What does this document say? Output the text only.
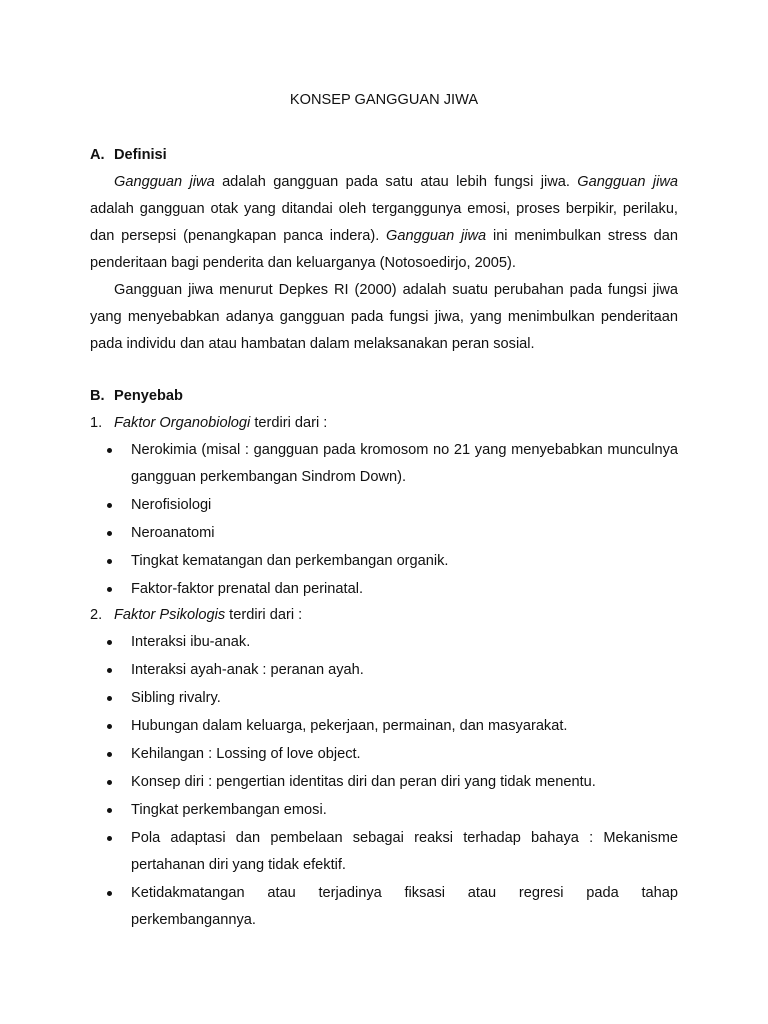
KONSEP GANGGUAN JIWA
A. Definisi

Gangguan jiwa adalah gangguan pada satu atau lebih fungsi jiwa. Gangguan jiwa adalah gangguan otak yang ditandai oleh terganggunya emosi, proses berpikir, perilaku, dan persepsi (penangkapan panca indera). Gangguan jiwa ini menimbulkan stress dan penderitaan bagi penderita dan keluarganya (Notosoedirjo, 2005).

Gangguan jiwa menurut Depkes RI (2000) adalah suatu perubahan pada fungsi jiwa yang menyebabkan adanya gangguan pada fungsi jiwa, yang menimbulkan penderitaan pada individu dan atau hambatan dalam melaksanakan peran sosial.

B. Penyebab
1. Faktor Organobiologi terdiri dari :
Nerokimia (misal : gangguan pada kromosom no 21 yang menyebabkan munculnya gangguan perkembangan Sindrom Down).
Nerofisiologi
Neroanatomi
Tingkat kematangan dan perkembangan organik.
Faktor-faktor prenatal dan perinatal.
2. Faktor Psikologis terdiri dari :
Interaksi ibu-anak.
Interaksi ayah-anak : peranan ayah.
Sibling rivalry.
Hubungan dalam keluarga, pekerjaan, permainan, dan masyarakat.
Kehilangan : Lossing of love object.
Konsep diri : pengertian identitas diri dan peran diri yang tidak menentu.
Tingkat perkembangan emosi.
Pola adaptasi dan pembelaan sebagai reaksi terhadap bahaya : Mekanisme pertahanan diri yang tidak efektif.
Ketidakmatangan atau terjadinya fiksasi atau regresi pada tahap
perkembangannya.
